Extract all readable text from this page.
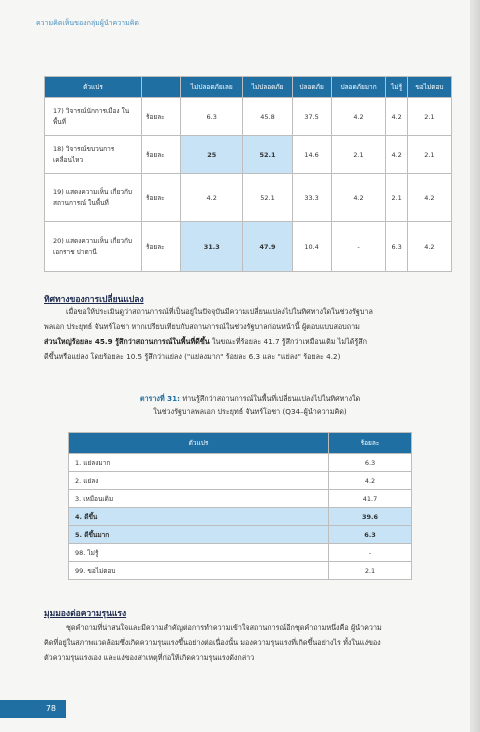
ความคิดเห็นของกลุ่มผู้นำความคิด
ตัวแปร		ไม่ปลอดภัยเลย	ไม่ปลอดภัย	ปลอดภัย	ปลอดภัยมาก	ไม่รู้	ขอไม่ตอบ
17) วิจารณ์นักการเมือง ในพื้นที่	ร้อยละ	6.3	45.8	37.5	4.2	4.2	2.1
18) วิจารณ์ขบวนการ เคลื่อนไหว	ร้อยละ	25	52.1	14.6	2.1	4.2	2.1
19) แสดงความเห็น เกี่ยวกับสถานการณ์ ในพื้นที่	ร้อยละ	4.2	52.1	33.3	4.2	2.1	4.2
20) แสดงความเห็น เกี่ยวกับเอกราช ปาตานี	ร้อยละ	31.3	47.9	10.4	-	6.3	4.2
ทิศทางของการเปลี่ยนแปลง
เมื่อขอให้ประเมินดูว่าสถานการณ์ที่เป็นอยู่ในปัจจุบันมีความเปลี่ยนแปลงไปในทิศทางใดในช่วงรัฐบาล
พลเอก ประยุทธ์ จันทร์โอชา หากเปรียบเทียบกับสถานการณ์ในช่วงรัฐบาลก่อนหน้านี้ ผู้ตอบแบบสอบถาม
ส่วนใหญ่ร้อยละ 45.9 รู้สึกว่าสถานการณ์ในพื้นที่ดีขึ้น ในขณะที่ร้อยละ 41.7 รู้สึกว่าเหมือนเดิม ไม่ได้รู้สึก
ดีขึ้นหรือแย่ลง โดยร้อยละ 10.5 รู้สึกว่าแย่ลง ("แย่ลงมาก" ร้อยละ 6.3 และ "แย่ลง" ร้อยละ 4.2)
ตารางที่ 31: ท่านรู้สึกว่าสถานการณ์ในพื้นที่เปลี่ยนแปลงไปในทิศทางใด
ในช่วงรัฐบาลพลเอก ประยุทธ์ จันทร์โอชา (Q34–ผู้นำความคิด)
ตัวแปร	ร้อยละ
1. แย่ลงมาก	6.3
2. แย่ลง	4.2
3. เหมือนเดิม	41.7
4. ดีขึ้น	39.6
5. ดีขึ้นมาก	6.3
98. ไม่รู้	-
99. ขอไม่ตอบ	2.1
มุมมองต่อความรุนแรง
ชุดคำถามที่น่าสนใจและมีความสำคัญต่อการทำความเข้าใจสถานการณ์อีกชุดคำถามหนึ่งคือ ผู้นำความ
คิดที่อยู่ในสภาพแวดล้อมซึ่งเกิดความรุนแรงขึ้นอย่างต่อเนื่องนั้น มองความรุนแรงที่เกิดขึ้นอย่างไร ทั้งในแง่ของ
ตัวความรุนแรงเอง และแง่ของสาเหตุที่ก่อให้เกิดความรุนแรงดังกล่าว
78
